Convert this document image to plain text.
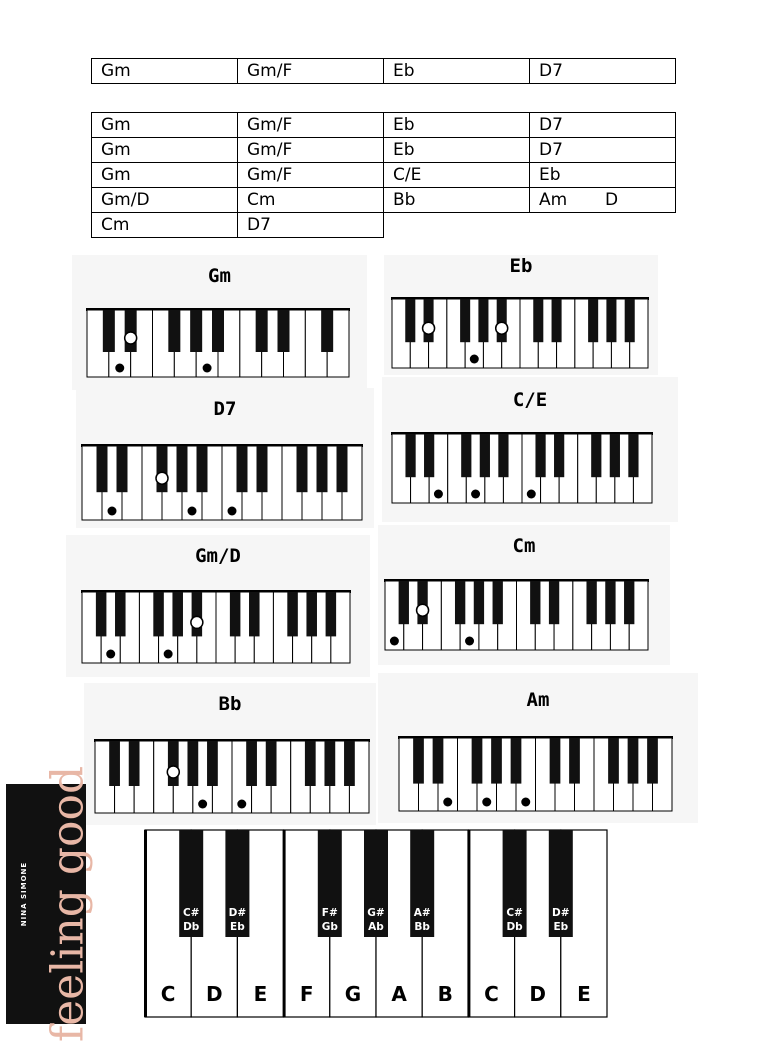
Gm	Gm/F	Eb	D7
Gm	Gm/F	Eb	D7
Gm	Gm/F	Eb	D7
Gm	Gm/F	C/E	Eb
Gm/D	Cm	Bb	Am       D
Cm	D7		
Gm	Eb
D7	C/E
Gm/D	Cm
Bb	Am
feeling good
NINA SIMONE
C D E F G A B C D E
C#
Db
D#
Eb
F#
Gb
G#
Ab
A#
Bb
C#
Db
D#
Eb
